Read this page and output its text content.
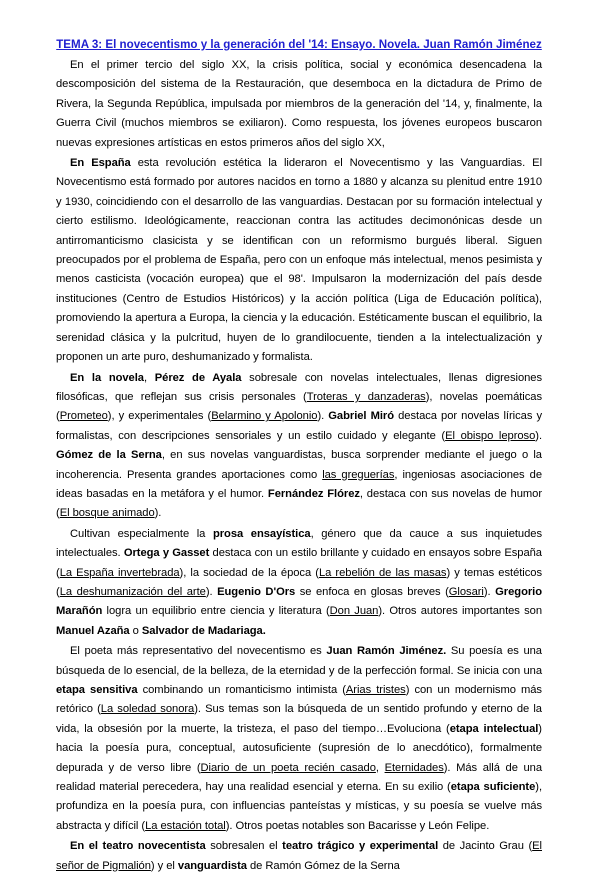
TEMA 3: El novecentismo y la generación del '14: Ensayo. Novela. Juan Ramón Jiménez

En el primer tercio del siglo XX, la crisis política, social y económica desencadena la descomposición del sistema de la Restauración, que desemboca en la dictadura de Primo de Rivera, la Segunda República, impulsada por miembros de la generación del '14, y, finalmente, la Guerra Civil (muchos miembros se exiliaron). Como respuesta, los jóvenes europeos buscaron nuevas expresiones artísticas en estos primeros años del siglo XX,

En España esta revolución estética la lideraron el Novecentismo y las Vanguardias. El Novecentismo está formado por autores nacidos en torno a 1880 y alcanza su plenitud entre 1910 y 1930, coincidiendo con el desarrollo de las vanguardias. Destacan por su formación intelectual y cierto estilismo. Ideológicamente, reaccionan contra las actitudes decimonónicas desde un antirromanticismo clasicista y se identifican con un reformismo burgués liberal. Siguen preocupados por el problema de España, pero con un enfoque más intelectual, menos pesimista y menos casticista (vocación europea) que el 98'. Impulsaron la modernización del país desde instituciones (Centro de Estudios Históricos) y la acción política (Liga de Educación política), promoviendo la apertura a Europa, la ciencia y la educación. Estéticamente buscan el equilibrio, la serenidad clásica y la pulcritud, huyen de lo grandilocuente, tienden a la intelectualización y proponen un arte puro, deshumanizado y formalista.

En la novela, Pérez de Ayala sobresale con novelas intelectuales, llenas digresiones filosóficas, que reflejan sus crisis personales (Troteras y danzaderas), novelas poemáticas (Prometeo), y experimentales (Belarmino y Apolonio). Gabriel Miró destaca por novelas líricas y formalistas, con descripciones sensoriales y un estilo cuidado y elegante (El obispo leproso). Gómez de la Serna, en sus novelas vanguardistas, busca sorprender mediante el juego o la incoherencia. Presenta grandes aportaciones como las greguerías, ingeniosas asociaciones de ideas basadas en la metáfora y el humor. Fernández Flórez, destaca con sus novelas de humor (El bosque animado).

Cultivan especialmente la prosa ensayística, género que da cauce a sus inquietudes intelectuales. Ortega y Gasset destaca con un estilo brillante y cuidado en ensayos sobre España (La España invertebrada), la sociedad de la época (La rebelión de las masas) y temas estéticos (La deshumanización del arte). Eugenio D'Ors se enfoca en glosas breves (Glosari). Gregorio Marañón logra un equilibrio entre ciencia y literatura (Don Juan). Otros autores importantes son Manuel Azaña o Salvador de Madariaga.

El poeta más representativo del novecentismo es Juan Ramón Jiménez. Su poesía es una búsqueda de lo esencial, de la belleza, de la eternidad y de la perfección formal. Se inicia con una etapa sensitiva combinando un romanticismo intimista (Arias tristes) con un modernismo más retórico (La soledad sonora). Sus temas son la búsqueda de un sentido profundo y eterno de la vida, la obsesión por la muerte, la tristeza, el paso del tiempo…Evoluciona (etapa intelectual) hacia la poesía pura, conceptual, autosuficiente (supresión de lo anecdótico), formalmente depurada y de verso libre (Diario de un poeta recién casado, Eternidades). Más allá de una realidad material perecedera, hay una realidad esencial y eterna. En su exilio (etapa suficiente), profundiza en la poesía pura, con influencias panteístas y místicas, y su poesía se vuelve más abstracta y difícil (La estación total). Otros poetas notables son Bacarisse y León Felipe.

En el teatro novecentista sobresalen el teatro trágico y experimental de Jacinto Grau (El señor de Pigmalión) y el vanguardista de Ramón Gómez de la Serna
